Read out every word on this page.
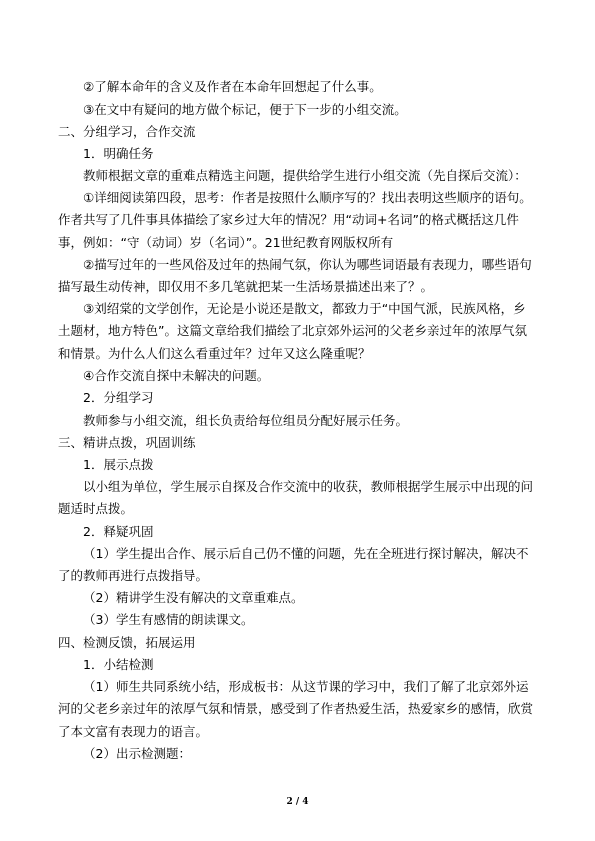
②了解本命年的含义及作者在本命年回想起了什么事。

③在文中有疑问的地方做个标记，便于下一步的小组交流。

二、分组学习，合作交流

1．明确任务

教师根据文章的重难点精选主问题，提供给学生进行小组交流（先自探后交流）：

①详细阅读第四段，思考：作者是按照什么顺序写的？找出表明这些顺序的语句。作者共写了几件事具体描绘了家乡过大年的情况？用“动词+名词”的格式概括这几件事，例如：“守（动词）岁（名词）”。21世纪教育网版权所有

②描写过年的一些风俗及过年的热闹气氛，你认为哪些词语最有表现力，哪些语句描写最生动传神，即仅用不多几笔就把某一生活场景描述出来了？。

③刘绍棠的文学创作，无论是小说还是散文，都致力于“中国气派，民族风格，乡土题材，地方特色”。这篇文章给我们描绘了北京郊外运河的父老乡亲过年的浓厚气氛和情景。为什么人们这么看重过年？过年又这么隆重呢？

④合作交流自探中未解决的问题。

2．分组学习

教师参与小组交流，组长负责给每位组员分配好展示任务。

三、精讲点拨，巩固训练

1．展示点拨

以小组为单位，学生展示自探及合作交流中的收获，教师根据学生展示中出现的问题适时点拨。

2．释疑巩固

（1）学生提出合作、展示后自己仍不懂的问题，先在全班进行探讨解决，解决不了的教师再进行点拨指导。

（2）精讲学生没有解决的文章重难点。

（3）学生有感情的朗读课文。

四、检测反馈，拓展运用

1．小结检测

（1）师生共同系统小结，形成板书：从这节课的学习中，我们了解了北京郊外运河的父老乡亲过年的浓厚气氛和情景，感受到了作者热爱生活，热爱家乡的感情，欣赏了本文富有表现力的语言。

（2）出示检测题：

2 / 4
